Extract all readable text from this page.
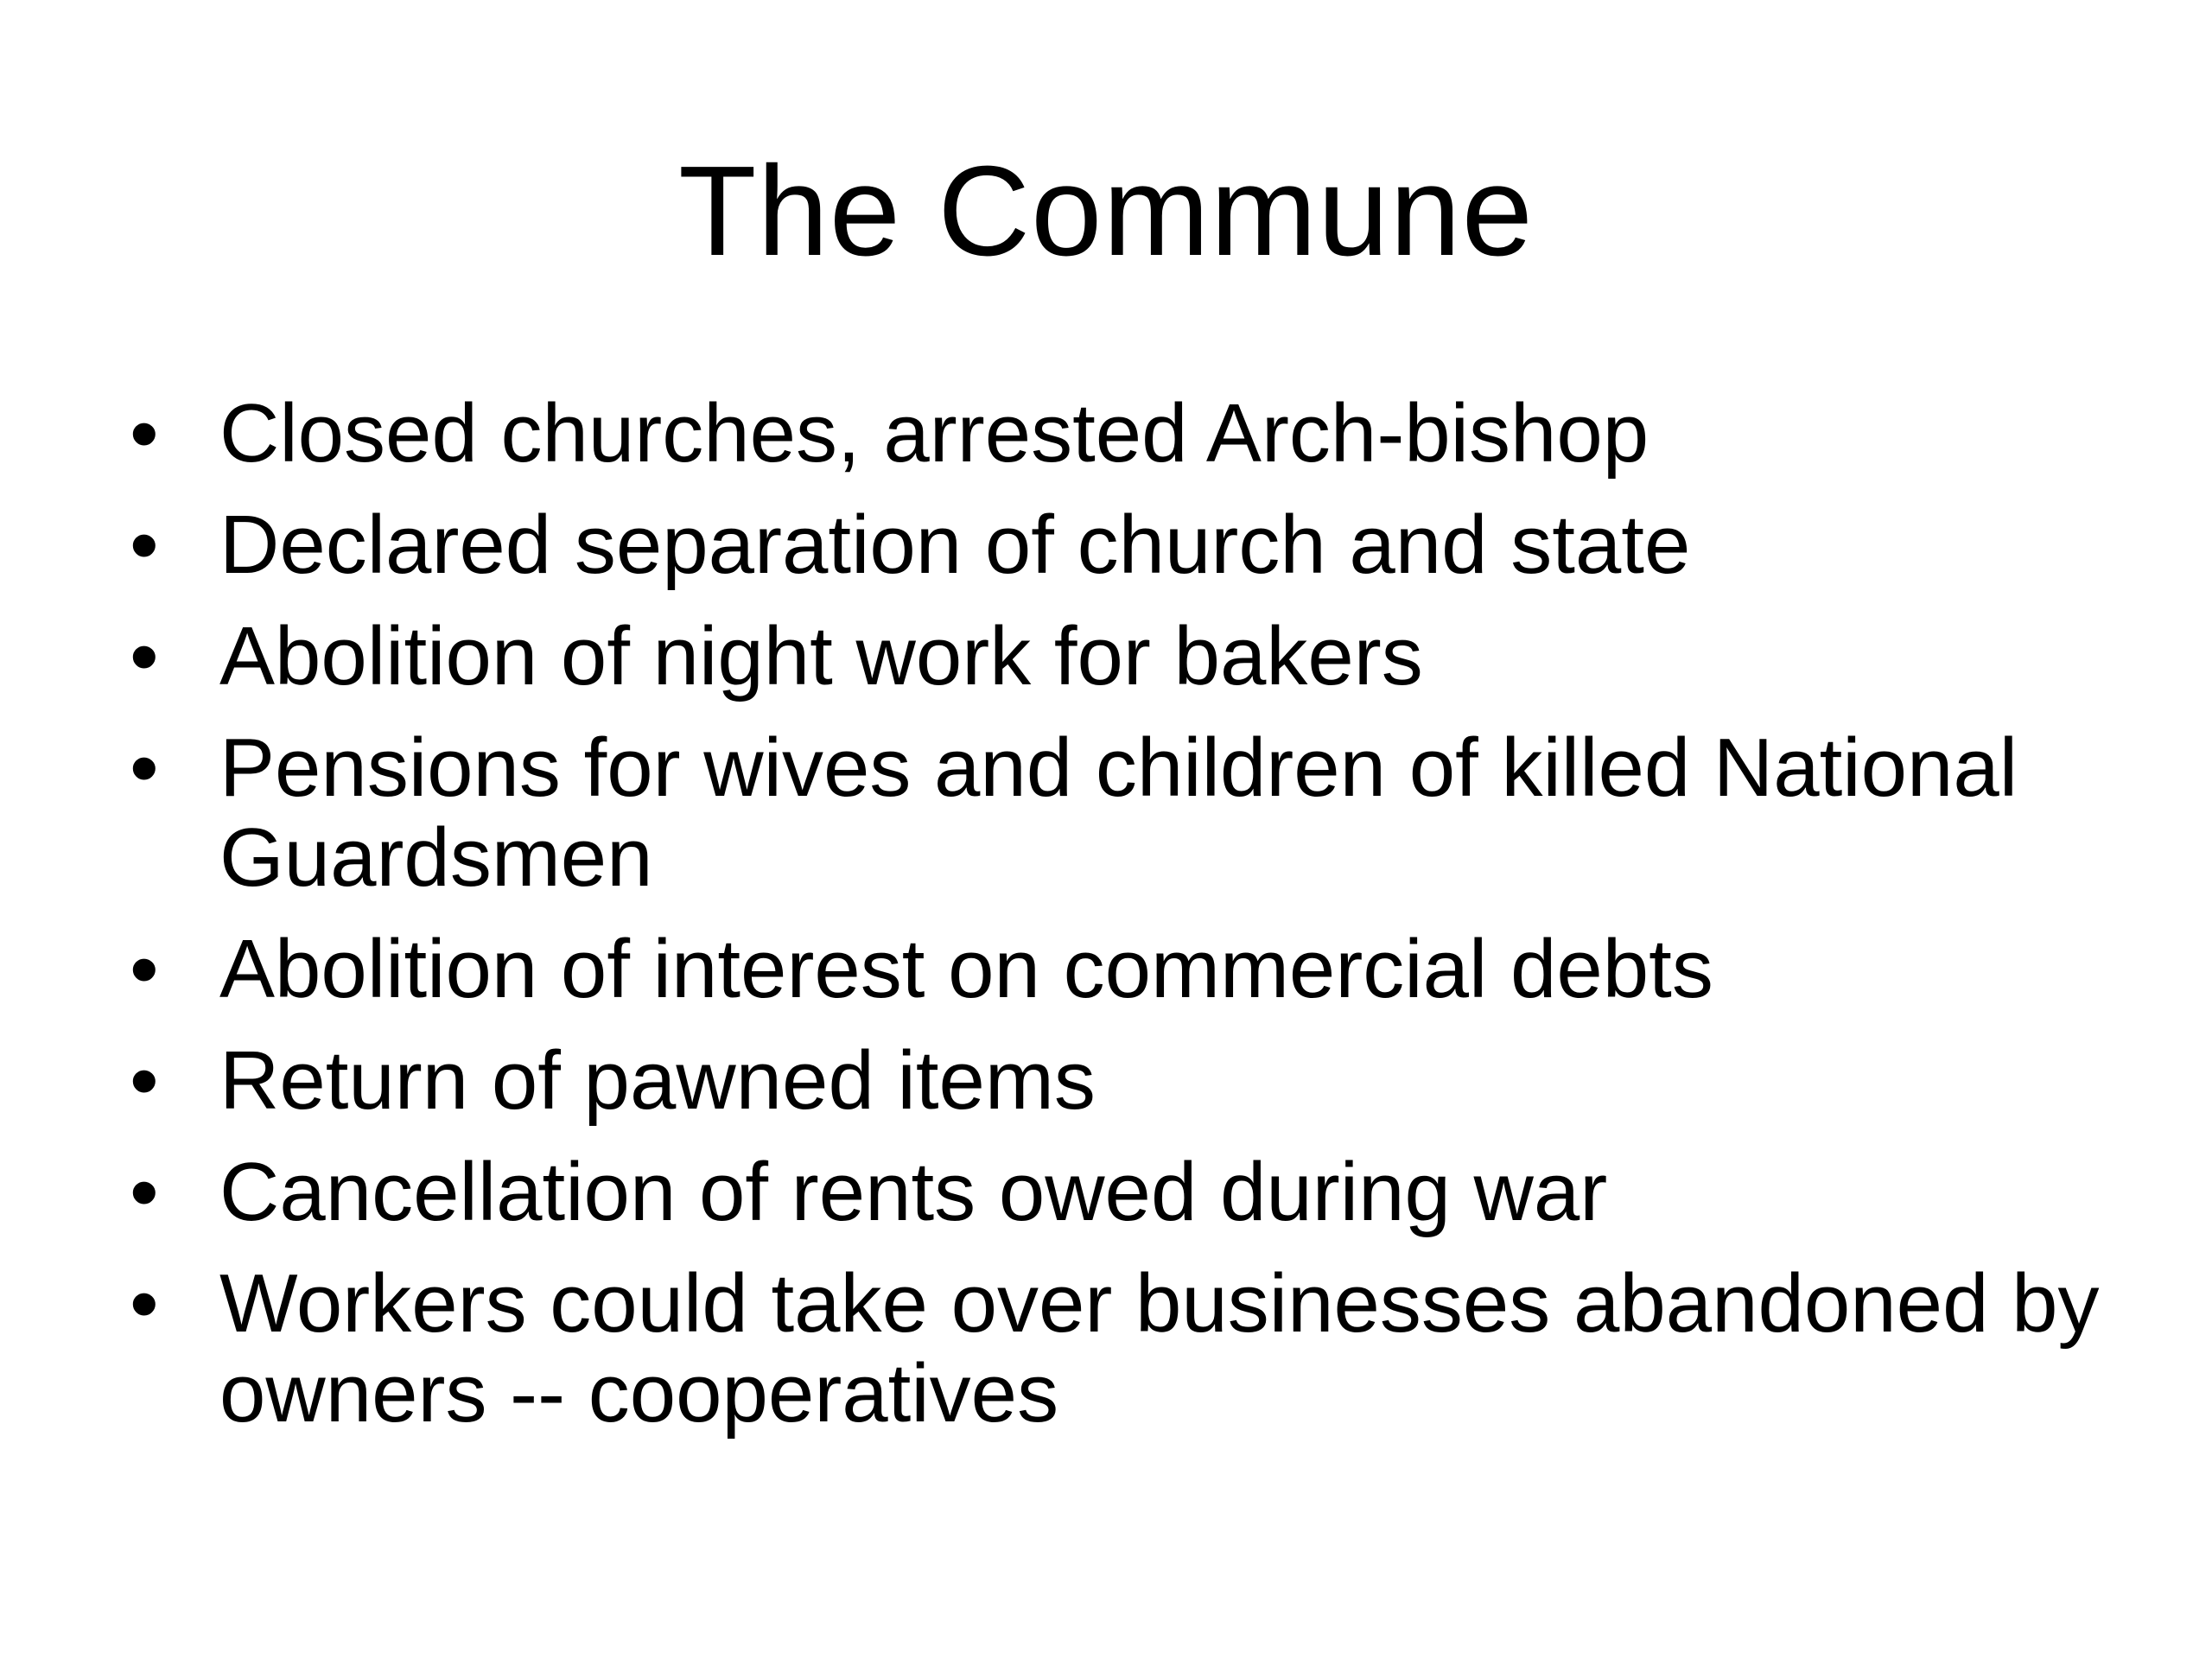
The Commune
• Closed churches, arrested Arch-bishop
• Declared separation of church and state
• Abolition of night work for bakers
• Pensions for wives and children of killed National Guardsmen
• Abolition of interest on commercial debts
• Return of pawned items
• Cancellation of rents owed during war
• Workers could take over businesses abandoned by owners -- cooperatives
